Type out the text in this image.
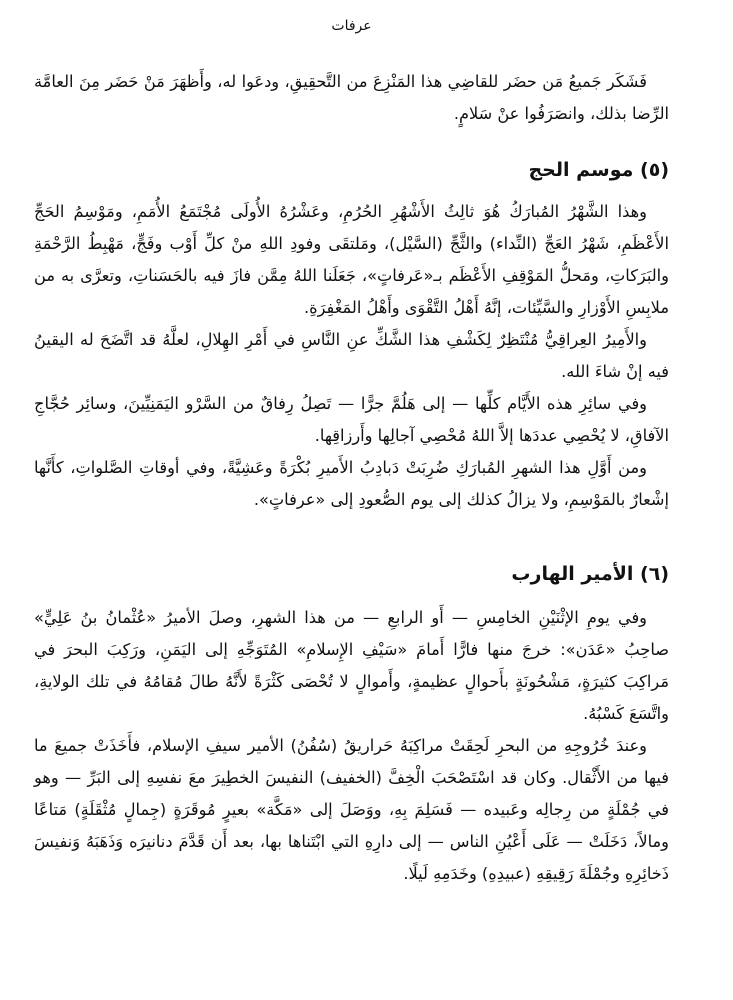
عرفات

فَشَكَر جَميعُ مَن حضَر للقاضِي هذا المَنْزِعَ من التَّحقِيقِ، ودعَوا له، وأَظهَرَ مَنْ حَضَر مِنَ العامَّة الرِّضا بذلك، وانصَرَفُوا عنْ سَلامٍ.

(٥) موسم الحج

وهذا الشَّهْرُ المُبارَكُ هُوَ ثالِثُ الأَشْهُرِ الحُرُمِ، وعَشْرُهُ الأُولَى مُجْتَمَعُ الأُمَمِ، ومَوْسِمُ الحَجِّ الأَعْظَمِ، شَهْرُ العَجِّ (النِّداء) والثَّجِّ (السَّيْل)، ومَلتقَى وفودِ اللهِ منْ كلِّ أَوْب وفَجٍّ، مَهْبِطُ الرَّحْمَةِ والبَرَكاتِ، ومَحلُّ المَوْقِفِ الأَعْظَم بـ«عَرفاتٍ»، جَعَلَنا اللهُ مِمَّن فازَ فيه بالحَسَناتِ، وتعرَّى به من ملابِسِ الأَوْزارِ والسَّيِّئات، إنَّهُ أَهْلُ التَّقْوَى وأَهْلُ المَغْفِرَةِ.

والأَمِيرُ العِراقِيُّ مُنْتَظِرٌ لِكَشْفِ هذا الشَّكِّ عنِ النَّاسِ في أَمْرِ الهِلالِ، لعلَّهُ قد اتَّضَحَ له اليقينُ فيه إنْ شاءَ الله.

وفي سائِرِ هذه الأَيَّام كلِّها — إلى هَلُمَّ جرًّا — تَصِلُ رِفاقٌ من السَّرْو اليَمَنِيِّينَ، وسائِر حُجَّاجِ الآفاقِ، لا يُحْصِي عددَها إلاَّ اللهُ مُحْصِي آجالِها وأَرزاقِها.

ومن أَوَّلِ هذا الشهرِ المُبارَكِ ضُرِبَتْ دَبادِبُ الأَميرِ بُكْرَةً وعَشِيَّةً، وفي أوقاتِ الصَّلواتِ، كأَنَّها إشْعارٌ بالمَوْسِمِ، ولا يزالُ كذلك إلى يوم الصُّعودِ إلى «عرفاتٍ».

(٦) الأمير الهارب

وفي يومِ الإثْنَيْنِ الخامِسِ — أَو الرابعِ — من هذا الشهرِ، وصلَ الأميرُ «عُثْمانُ بنُ عَلِيٍّ» صاحِبُ «عَدَن»: خرجَ منها فارًّا أَمامَ «سَيْفِ الإِسلامِ» المُتَوَجِّهِ إلى اليَمَنِ، ورَكِبَ البحرَ في مَراكِبَ كثيرَةٍ، مَشْحُونَةٍ بأَحوالٍ عظيمةٍ، وأَموالٍ لا تُحْصَى كَثْرَةً لأَنَّهُ طالَ مُقامُهُ في تلك الولايةِ، واتَّسَعَ كَسْبُهُ.

وعندَ خُرُوجِهِ من البحرِ لَحِقَتْ مراكِبَهُ حَراريقُ (سُفُنُ) الأمير سيفِ الإسلام، فأَخَذَتْ جميعَ ما فيها من الأَثْقال. وكان قد اسْتَصْحَبَ الْخِفَّ (الخفيف) النفيسَ الخطِيرَ معَ نفسِهِ إلى البَرِّ — وهو في جُمْلَةٍ من رِجالِه وعَبيده — فَسَلِمَ بِهِ، ووَصَلَ إلى «مَكَّة» بعيرٍ مُوقَرَةٍ (جِمالٍ مُثْقَلَةٍ) مَتاعًا ومالاً، دَخَلَتْ — عَلَى أَعْيُنِ الناس — إلى دارِهِ التي ابْتَناها بها، بعد أَن قَدَّمَ دنانيرَه وَذَهَبَهُ وَنفيسَ ذَخائِرِهِ وجُمْلَةَ رَقِيقِهِ (عبيدِهِ) وخَدَمِهِ لَيلًا.
